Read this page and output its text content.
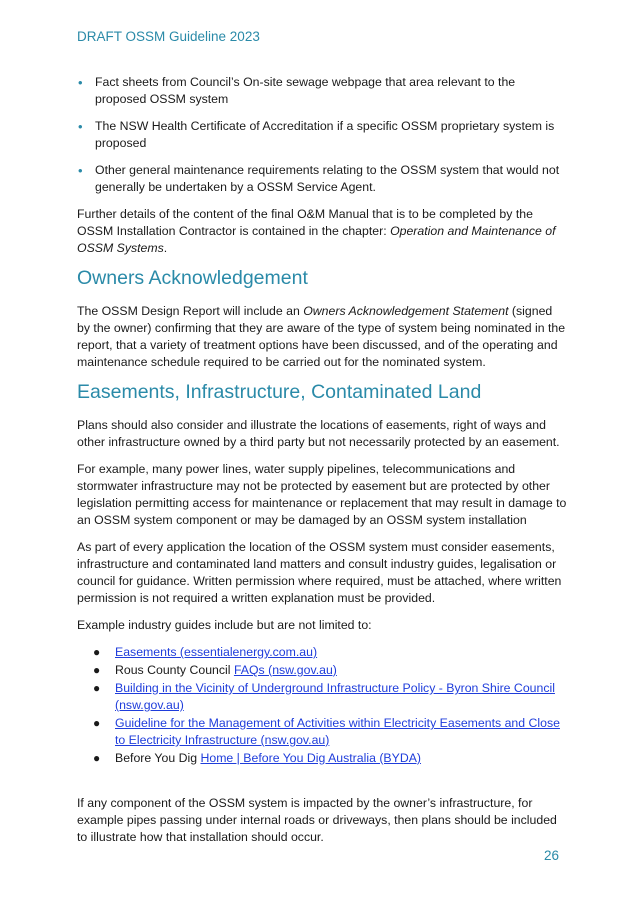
DRAFT OSSM Guideline 2023
• Fact sheets from Council’s On-site sewage webpage that area relevant to the proposed OSSM system
• The NSW Health Certificate of Accreditation if a specific OSSM proprietary system is proposed
• Other general maintenance requirements relating to the OSSM system that would not generally be undertaken by a OSSM Service Agent.

Further details of the content of the final O&M Manual that is to be completed by the OSSM Installation Contractor is contained in the chapter: Operation and Maintenance of OSSM Systems.

Owners Acknowledgement

The OSSM Design Report will include an Owners Acknowledgement Statement (signed by the owner) confirming that they are aware of the type of system being nominated in the report, that a variety of treatment options have been discussed, and of the operating and maintenance schedule required to be carried out for the nominated system.

Easements, Infrastructure, Contaminated Land

Plans should also consider and illustrate the locations of easements, right of ways and other infrastructure owned by a third party but not necessarily protected by an easement.

For example, many power lines, water supply pipelines, telecommunications and stormwater infrastructure may not be protected by easement but are protected by other legislation permitting access for maintenance or replacement that may result in damage to an OSSM system component or may be damaged by an OSSM system installation

As part of every application the location of the OSSM system must consider easements, infrastructure and contaminated land matters and consult industry guides, legalisation or council for guidance. Written permission where required, must be attached, where written permission is not required a written explanation must be provided.

Example industry guides include but are not limited to:

● Easements (essentialenergy.com.au)
● Rous County Council FAQs (nsw.gov.au)
● Building in the Vicinity of Underground Infrastructure Policy - Byron Shire Council (nsw.gov.au)
● Guideline for the Management of Activities within Electricity Easements and Close to Electricity Infrastructure (nsw.gov.au)
● Before You Dig Home | Before You Dig Australia (BYDA)

If any component of the OSSM system is impacted by the owner’s infrastructure, for example pipes passing under internal roads or driveways, then plans should be included to illustrate how that installation should occur.

26
